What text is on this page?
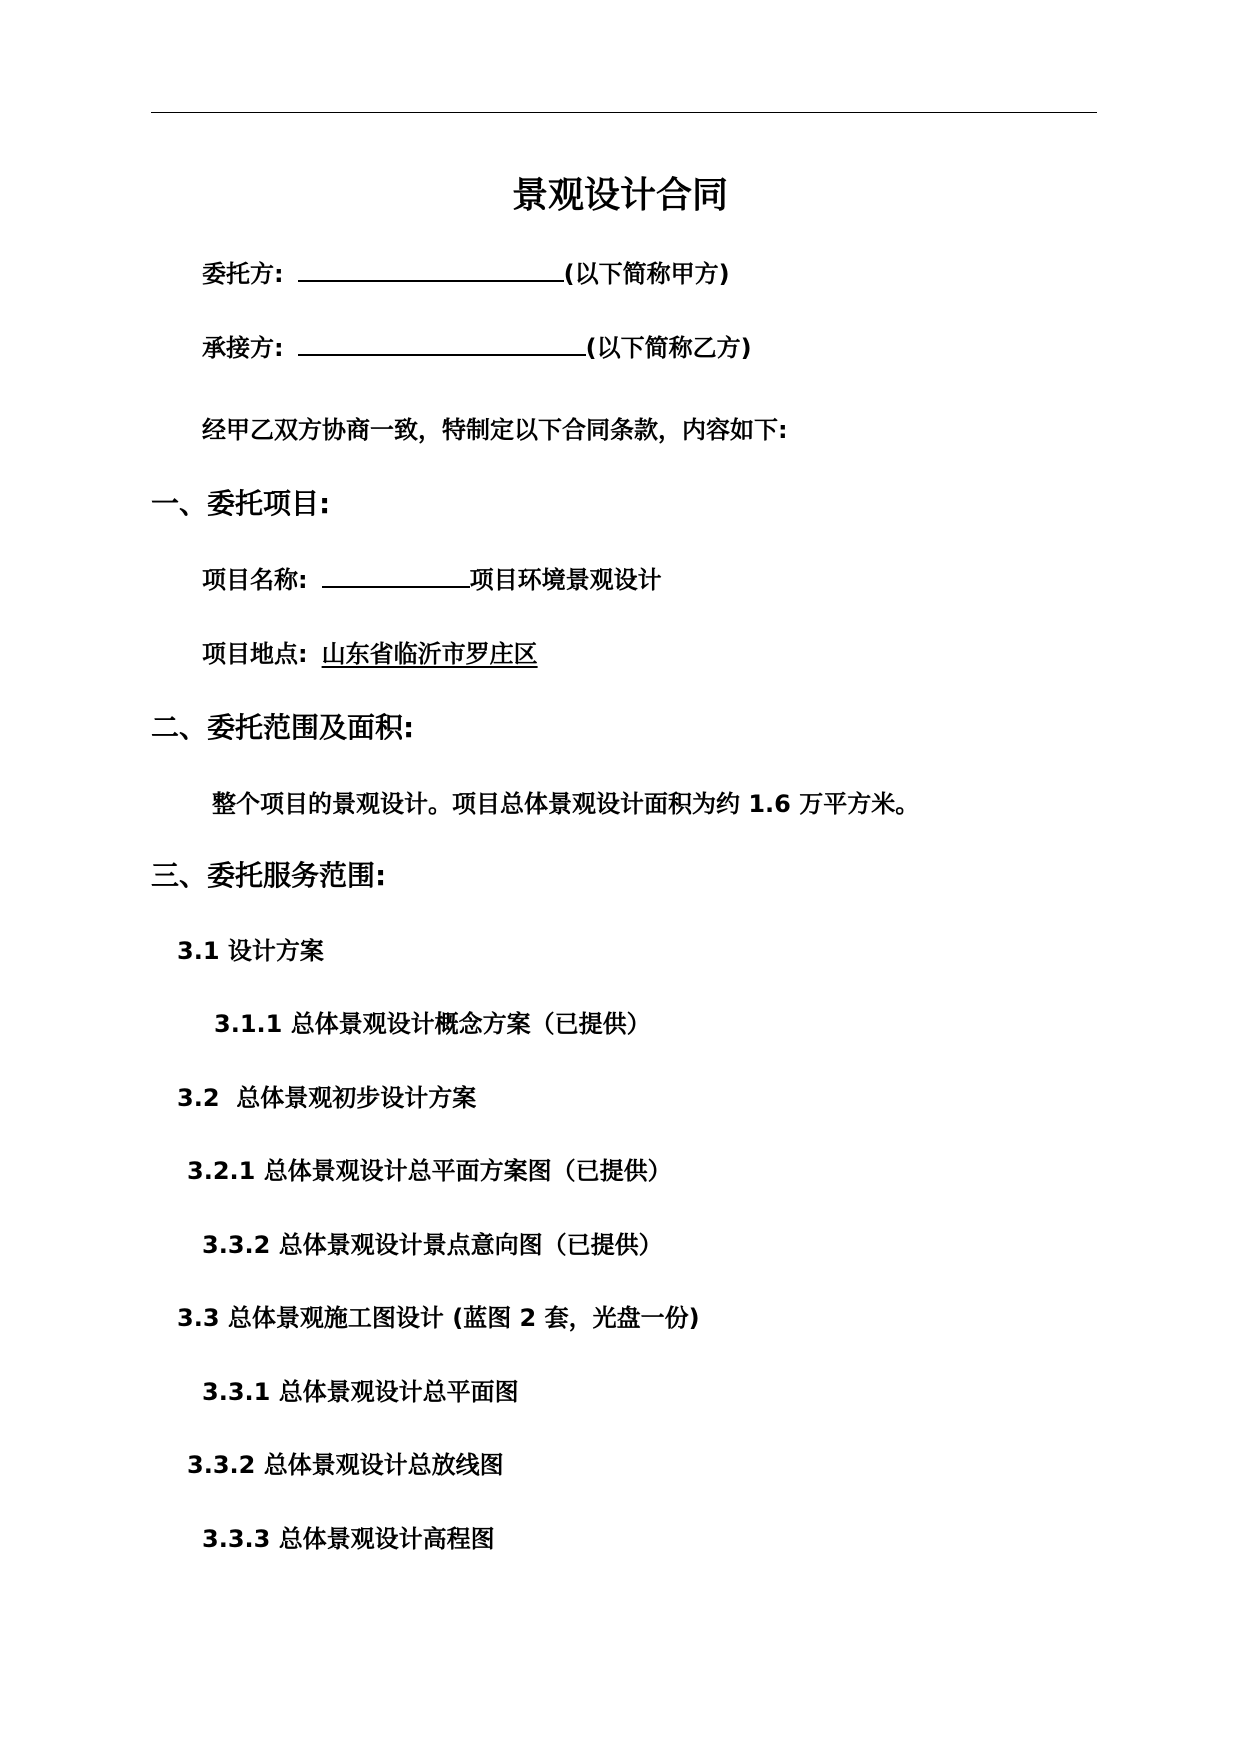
景观设计合同
委托方:	(以下简称甲方)
承接方:	(以下简称乙方)
经甲乙双方协商一致，特制定以下合同条款，内容如下:
一、委托项目:
项目名称:	项目环境景观设计
项目地点: 山东省临沂市罗庄区
二、委托范围及面积:
整个项目的景观设计。项目总体景观设计面积为约 1.6 万平方米。
三、委托服务范围:
3.1 设计方案
3.1.1 总体景观设计概念方案（已提供）
3.2  总体景观初步设计方案
3.2.1 总体景观设计总平面方案图（已提供）
3.3.2 总体景观设计景点意向图（已提供）
3.3 总体景观施工图设计 (蓝图 2 套，光盘一份)
3.3.1 总体景观设计总平面图
3.3.2 总体景观设计总放线图
3.3.3 总体景观设计高程图
